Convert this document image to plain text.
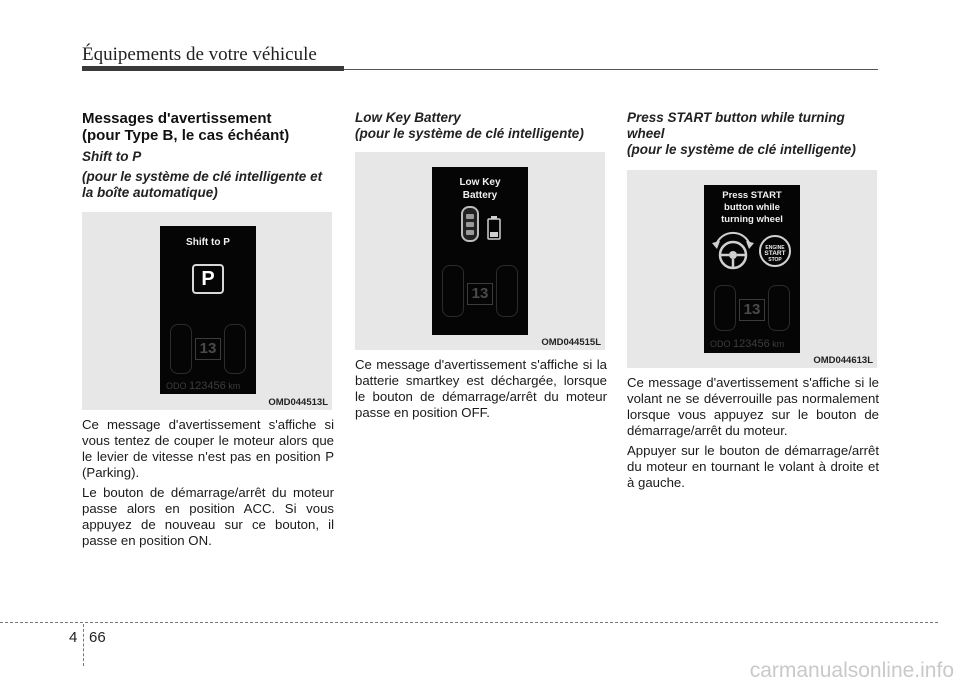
Équipements de votre véhicule
Messages d'avertissement
(pour Type B, le cas échéant)
Shift to P
(pour le système de clé intelligente et
la boîte automatique)
Shift to P
P
13
ODO 123456 km
OMD044513L

Ce message d'avertissement s'affiche si vous tentez de couper le moteur alors que le levier de vitesse n'est pas en position P (Parking).

Le bouton de démarrage/arrêt du moteur passe alors en position ACC. Si vous appuyez de nouveau sur ce bouton, il passe en position ON.

Low Key Battery
(pour le système de clé intelligente)
Low Key
Battery
13
OMD044515L

Ce message d'avertissement s'affiche si la batterie smartkey est déchargée, lorsque le bouton de démarrage/arrêt du moteur passe en position OFF.

Press START button while turning
wheel
(pour le système de clé intelligente)
Press START
button while
turning wheel
ENGINE
START
STOP
13
ODO 123456 km
OMD044613L

Ce message d'avertissement s'affiche si le volant ne se déverrouille pas normalement lorsque vous appuyez sur le bouton de démarrage/arrêt du moteur.

Appuyer sur le bouton de démarrage/arrêt du moteur en tournant le volant à droite et à gauche.

4 66
carmanualsonline.info
